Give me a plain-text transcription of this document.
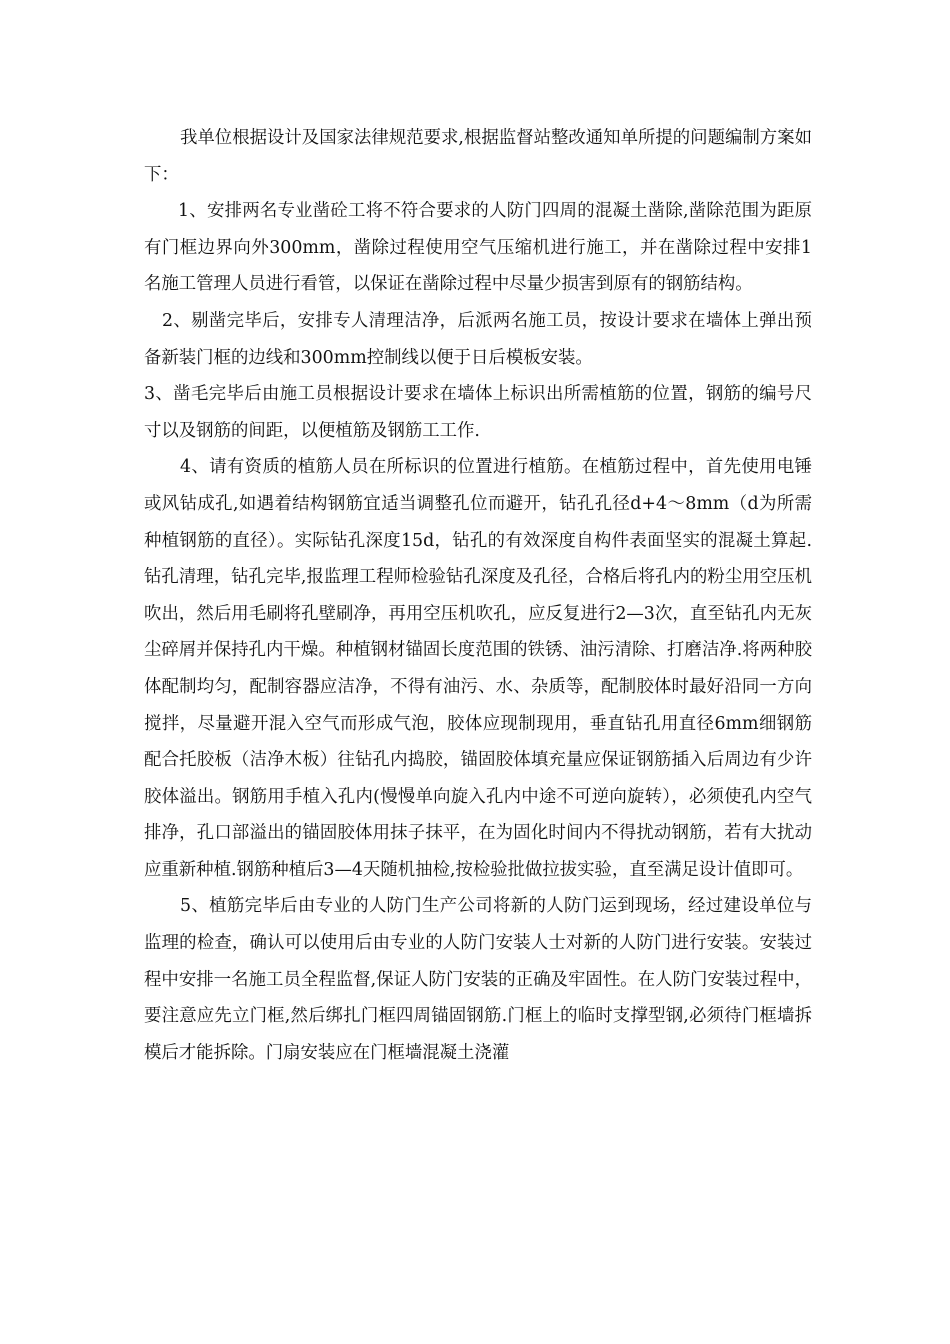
我单位根据设计及国家法律规范要求,根据监督站整改通知单所提的问题编制方案如下：

1、安排两名专业凿砼工将不符合要求的人防门四周的混凝土凿除,凿除范围为距原有门框边界向外300mm，凿除过程使用空气压缩机进行施工，并在凿除过程中安排1名施工管理人员进行看管，以保证在凿除过程中尽量少损害到原有的钢筋结构。

2、剔凿完毕后，安排专人清理洁净，后派两名施工员，按设计要求在墙体上弹出预备新装门框的边线和300mm控制线以便于日后模板安装。

3、凿毛完毕后由施工员根据设计要求在墙体上标识出所需植筋的位置，钢筋的编号尺寸以及钢筋的间距，以便植筋及钢筋工工作.

4、请有资质的植筋人员在所标识的位置进行植筋。在植筋过程中，首先使用电锤或风钻成孔,如遇着结构钢筋宜适当调整孔位而避开，钻孔孔径d+4～8mm（d为所需种植钢筋的直径）。实际钻孔深度15d，钻孔的有效深度自构件表面坚实的混凝土算起.钻孔清理，钻孔完毕,报监理工程师检验钻孔深度及孔径，合格后将孔内的粉尘用空压机吹出，然后用毛刷将孔壁刷净，再用空压机吹孔，应反复进行2—3次，直至钻孔内无灰尘碎屑并保持孔内干燥。种植钢材锚固长度范围的铁锈、油污清除、打磨洁净.将两种胶体配制均匀，配制容器应洁净，不得有油污、水、杂质等，配制胶体时最好沿同一方向搅拌，尽量避开混入空气而形成气泡，胶体应现制现用，垂直钻孔用直径6mm细钢筋配合托胶板（洁净木板）往钻孔内捣胶，锚固胶体填充量应保证钢筋插入后周边有少许胶体溢出。钢筋用手植入孔内(慢慢单向旋入孔内中途不可逆向旋转），必须使孔内空气排净，孔口部溢出的锚固胶体用抹子抹平，在为固化时间内不得扰动钢筋，若有大扰动应重新种植.钢筋种植后3—4天随机抽检,按检验批做拉拔实验，直至满足设计值即可。

5、植筋完毕后由专业的人防门生产公司将新的人防门运到现场，经过建设单位与监理的检查，确认可以使用后由专业的人防门安装人士对新的人防门进行安装。安装过程中安排一名施工员全程监督,保证人防门安装的正确及牢固性。在人防门安装过程中，要注意应先立门框,然后绑扎门框四周锚固钢筋.门框上的临时支撑型钢,必须待门框墙拆模后才能拆除。门扇安装应在门框墙混凝土浇灌
